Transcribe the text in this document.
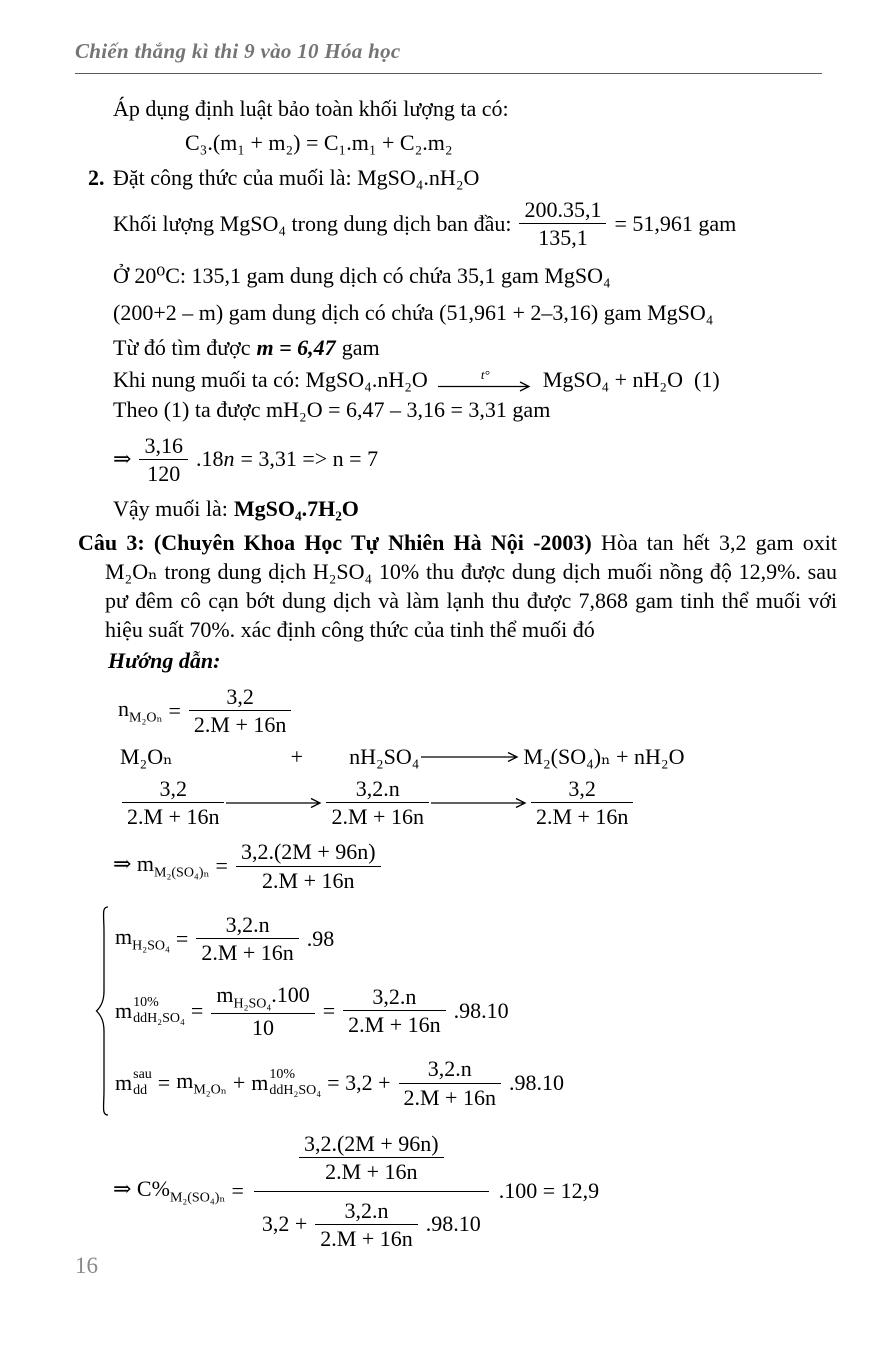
Chiến thắng kì thi 9 vào 10 Hóa học
Áp dụng định luật bảo toàn khối lượng ta có:
C₃.(m₁ + m₂) = C₁.m₁ + C₂.m₂
2. Đặt công thức của muối là: MgSO₄.nH₂O
Khối lượng MgSO₄ trong dung dịch ban đầu: $\frac{200.35,1}{135,1} = 51,961$ gam
Ở 20⁰C: 135,1 gam dung dịch có chứa 35,1 gam MgSO₄
(200+2 – m) gam dung dịch có chứa (51,961 + 2–3,16) gam MgSO₄
Từ đó tìm được m = 6,47 gam
Khi nung muối ta có: MgSO₄.nH₂O	t° MgSO₄ + nH₂O  (1)
Theo (1) ta được mH₂O = 6,47 – 3,16 = 3,31 gam
⇒ $\frac{3,16}{120} .18n = 3,31 => n = 7$
Vậy muối là: MgSO₄.7H₂O
Câu 3: (Chuyên Khoa Học Tự Nhiên Hà Nội -2003) Hòa tan hết 3,2 gam oxit M₂Oₙ trong dung dịch H₂SO₄ 10% thu được dung dịch muối nồng độ 12,9%. sau pư đêm cô cạn bớt dung dịch và làm lạnh thu được 7,868 gam tinh thể muối với hiệu suất 70%. xác định công thức của tinh thể muối đó
Hướng dẫn:
$n_{M_2O_n} = \frac{3,2}{2.M + 16n}$
M₂Oₙ	+ nH₂SO₄	M₂(SO₄)ₙ + nH₂O
$\frac{3,2}{2.M + 16n}$	$\frac{3,2.n}{2.M + 16n}$	$\frac{3,2}{2.M + 16n}$
⇒ $m_{M_2(SO_4)_n} = \frac{3,2.(2M + 96n)}{2.M + 16n}$
$m_{H_2SO_4} = \frac{3,2.n}{2.M + 16n} .98$
m 10%
$ddH_2SO_4 = \frac{m_{H_2SO_4}.100}{10} = \frac{3,2.n}{2.M + 16n} .98.10$
m sau
dd = $m_{M_2O_n} + m$ 10%
$ddH_2SO_4 = 3,2 + \frac{3,2.n}{2.M + 16n} .98.10$
⇒ $C\%_{M_2(SO_4)_n}$ =
$\frac{3,2.(2M + 96n)}{2.M + 16n}$
$3,2 + \frac{3,2.n}{2.M + 16n} .98.10$
.100 = 12,9
16
